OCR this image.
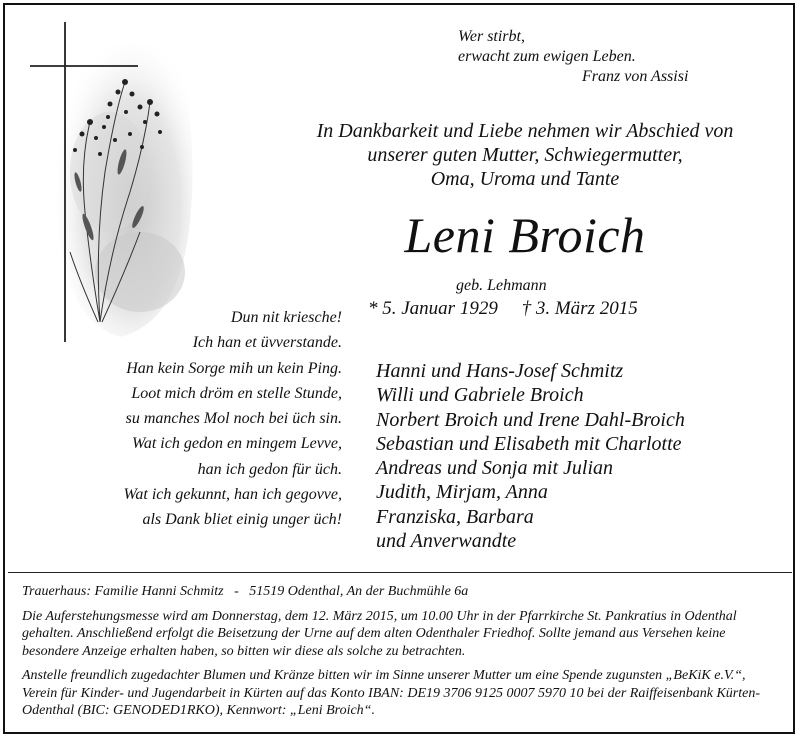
Wer stirbt,
erwacht zum ewigen Leben.
Franz von Assisi
In Dankbarkeit und Liebe nehmen wir Abschied von
unserer guten Mutter, Schwiegermutter,
Oma, Uroma und Tante
Leni Broich
geb. Lehmann
* 5. Januar 1929 † 3. März 2015
Dun nit kriesche!
Ich han et üvverstande.
Han kein Sorge mih un kein Ping.
Loot mich dröm en stelle Stunde,
su manches Mol noch bei üch sin.
Wat ich gedon en mingem Levve,
han ich gedon für üch.
Wat ich gekunnt, han ich gegovve,
als Dank bliet einig unger üch!
Hanni und Hans-Josef Schmitz
Willi und Gabriele Broich
Norbert Broich und Irene Dahl-Broich
Sebastian und Elisabeth mit Charlotte
Andreas und Sonja mit Julian
Judith, Mirjam, Anna
Franziska, Barbara
und Anverwandte

Trauerhaus: Familie Hanni Schmitz   -   51519 Odenthal, An der Buchmühle 6a

Die Auferstehungsmesse wird am Donnerstag, dem 12. März 2015, um 10.00 Uhr in der Pfarrkirche St. Pankratius in Odenthal gehalten. Anschließend erfolgt die Beisetzung der Urne auf dem alten Odenthaler Friedhof. Sollte jemand aus Versehen keine besondere Anzeige erhalten haben, so bitten wir diese als solche zu betrachten.

Anstelle freundlich zugedachter Blumen und Kränze bitten wir im Sinne unserer Mutter um eine Spende zugunsten „BeKiK e.V.“, Verein für Kinder- und Jugendarbeit in Kürten auf das Konto IBAN: DE19 3706 9125 0007 5970 10 bei der Raiffeisenbank Kürten-Odenthal (BIC: GENODED1RKO), Kennwort: „Leni Broich“.
